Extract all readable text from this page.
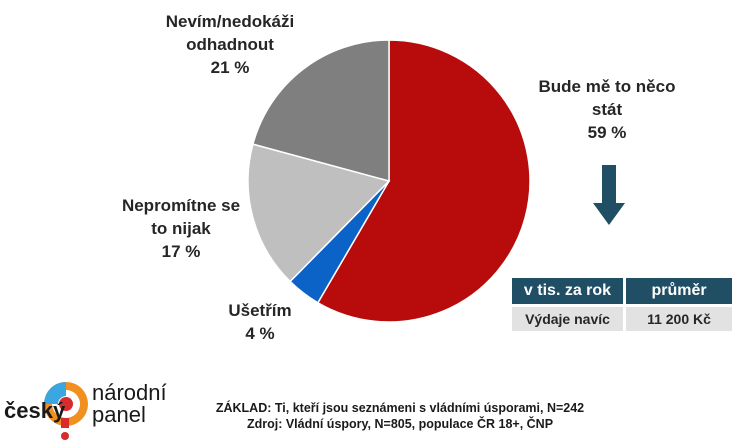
Bude mě to něco
stát
59 %
Nevím/nedokáži
odhadnout
21 %
Nepromítne se
to nijak
17 %
Ušetřím
4 %
v tis. za rok	průměr
Výdaje navíc	11 200 Kč
český
národní
panel	ZÁKLAD: Ti, kteří jsou seznámeni s vládními úsporami, N=242
Zdroj: Vládní úspory, N=805, populace ČR 18+, ČNP
